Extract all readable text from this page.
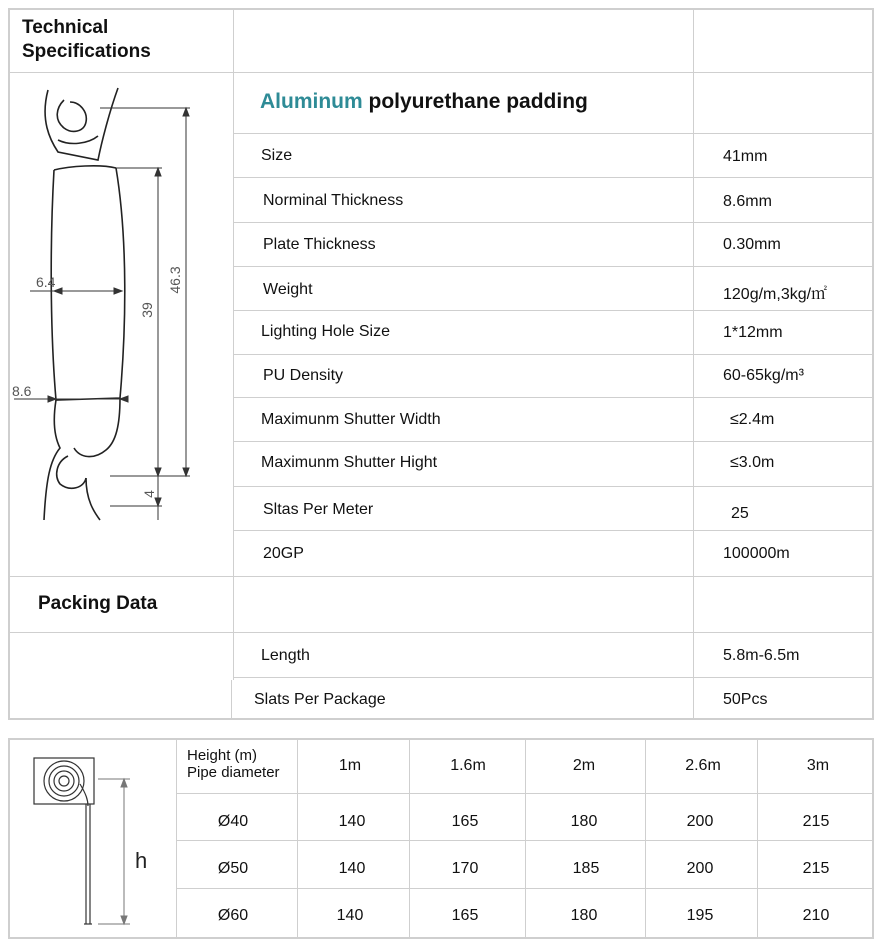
Technical
Specifications
Packing Data
Aluminum polyurethane padding
Size	41mm
Norminal Thickness	8.6mm
Plate Thickness	0.30mm
Weight	120g/m,3kg/㎡
Lighting Hole Size	1*12mm
PU Density	60-65kg/m³
Maximunm Shutter Width	≤2.4m
Maximunm Shutter Hight	≤3.0m
Sltas Per Meter	25
20GP	100000m
Length	5.8m-6.5m
Slats Per Package	50Pcs
6.4
8.6
46.3
39
4
Height (m)
Pipe diameter	1m	1.6m	2m	2.6m	3m
Ø40	140	165	180	200	215
Ø50	140	170	185	200	215
Ø60	140	165	180	195	210
h
